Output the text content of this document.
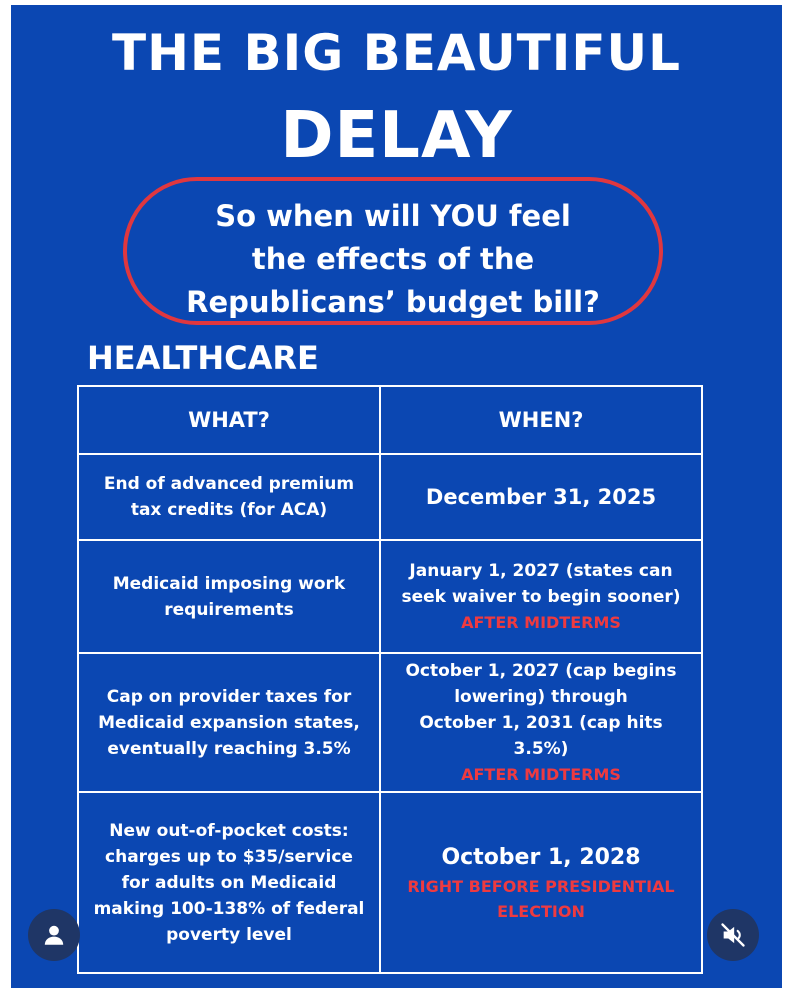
THE BIG BEAUTIFUL
DELAY
So when will YOU feel
the effects of the
Republicans’ budget bill?
HEALTHCARE
WHAT?	WHEN?
End of advanced premium
tax credits (for ACA)
December 31, 2025
Medicaid imposing work
requirements
January 1, 2027 (states can
seek waiver to begin sooner)
AFTER MIDTERMS
Cap on provider taxes for
Medicaid expansion states,
eventually reaching 3.5%
October 1, 2027 (cap begins
lowering) through
October 1, 2031 (cap hits 3.5%)
AFTER MIDTERMS
New out-of-pocket costs:
charges up to $35/service
for adults on Medicaid
making 100-138% of federal
poverty level
October 1, 2028
RIGHT BEFORE PRESIDENTIAL
ELECTION
